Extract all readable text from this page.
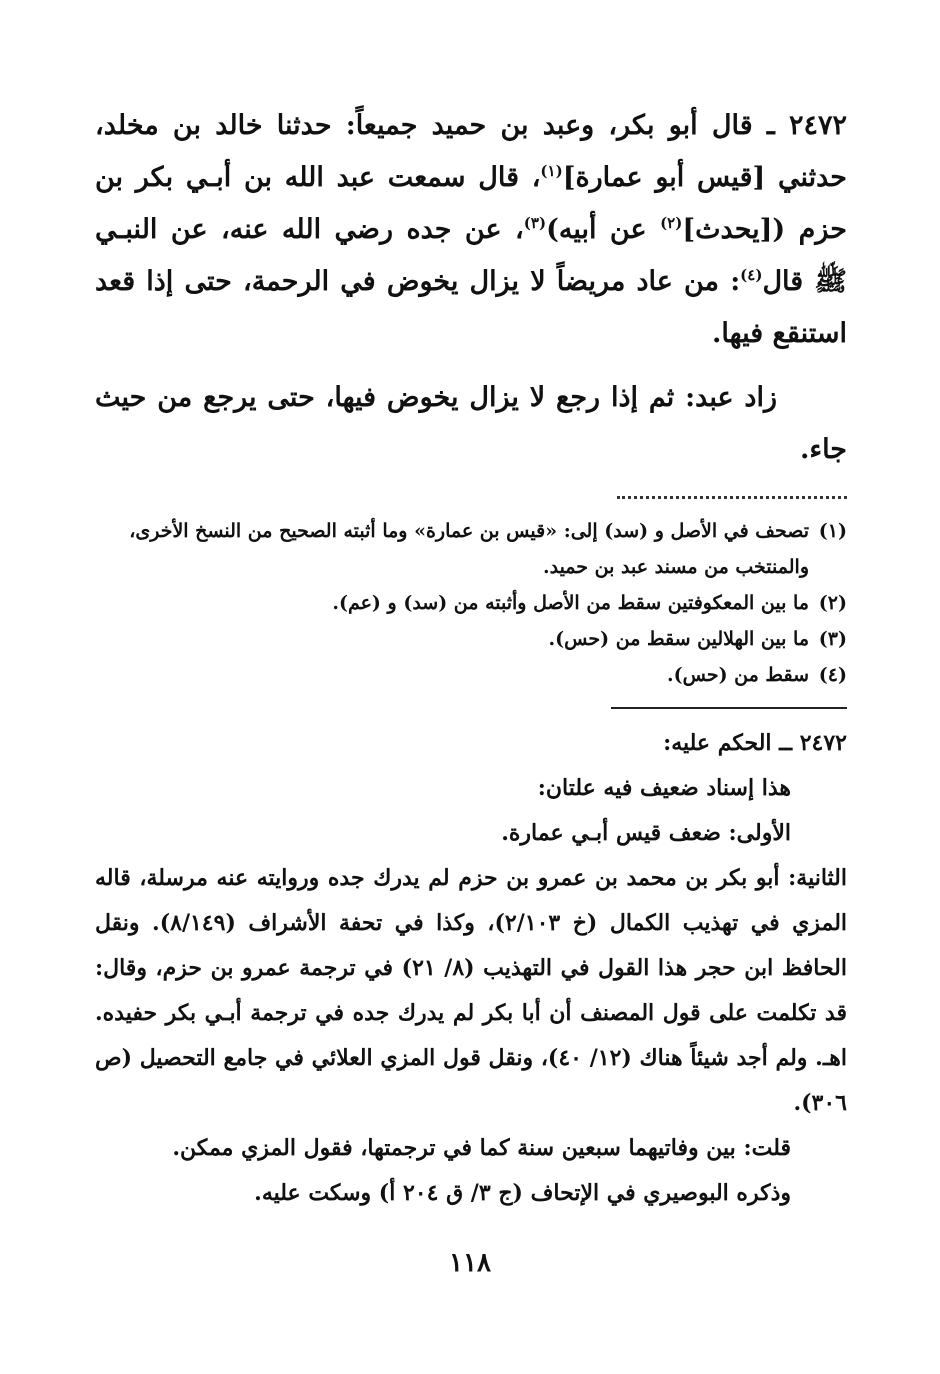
٢٤٧٢ ـ قال أبو بكر، وعبد بن حميد جميعاً: حدثنا خالد بن مخلد، حدثني [قيس أبو عمارة]$^{(١)}$، قال سمعت عبد الله بن أبـي بكر بن حزم ([يحدث]$^{(٢)}$ عن أبيه)$^{(٣)}$، عن جده رضي الله عنه، عن النبـي ﷺ قال$^{(٤)}$: من عاد مريضاً لا يزال يخوض في الرحمة، حتى إذا قعد استنقع فيها.

زاد عبد: ثم إذا رجع لا يزال يخوض فيها، حتى يرجع من حيث جاء.

(١)
تصحف في الأصل و (سد) إلى: «قيس بن عمارة» وما أثبته الصحيح من النسخ الأخرى، والمنتخب من مسند عبد بن حميد.
(٢)
ما بين المعكوفتين سقط من الأصل وأثبته من (سد) و (عم).
(٣)
ما بين الهلالين سقط من (حس).
(٤)
سقط من (حس).

٢٤٧٢ ــ الحكم عليه:

هذا إسناد ضعيف فيه علتان:

الأولى: ضعف قيس أبـي عمارة.

الثانية: أبو بكر بن محمد بن عمرو بن حزم لم يدرك جده وروايته عنه مرسلة، قاله المزي في تهذيب الكمال (خ ٢/١٠٣)، وكذا في تحفة الأشراف (٨/١٤٩). ونقل الحافظ ابن حجر هذا القول في التهذيب (٨/ ٢١) في ترجمة عمرو بن حزم، وقال: قد تكلمت على قول المصنف أن أبا بكر لم يدرك جده في ترجمة أبـي بكر حفيده. اهـ. ولم أجد شيئاً هناك (١٢/ ٤٠)، ونقل قول المزي العلائي في جامع التحصيل (ص ٣٠٦).

قلت: بين وفاتيهما سبعين سنة كما في ترجمتها، فقول المزي ممكن.

وذكره البوصيري في الإتحاف (ج ٣/ ق ٢٠٤ أ) وسكت عليه.

١١٨
